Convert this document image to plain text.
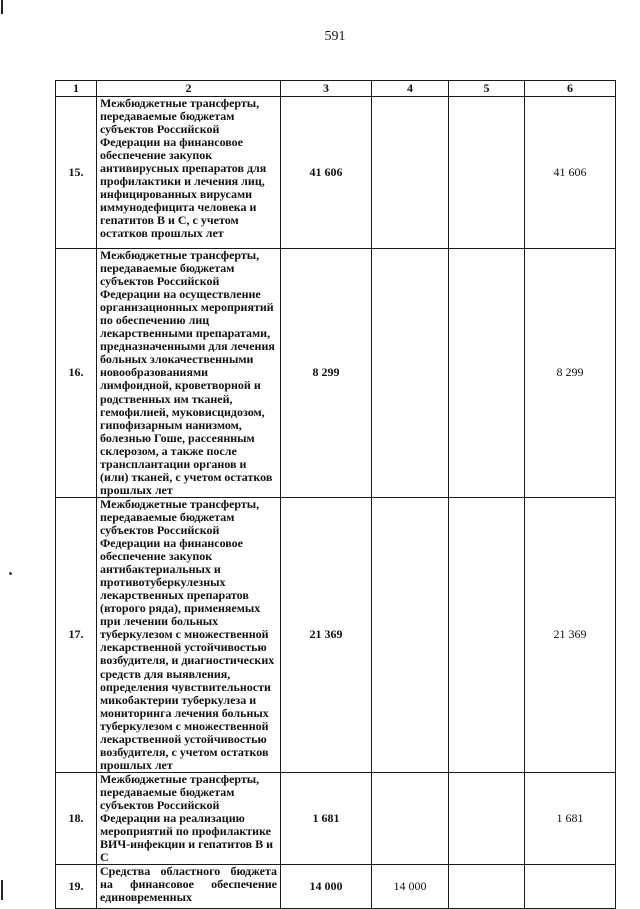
591
1	2	3	4	5	6
15.	Межбюджетные трансферты, передаваемые бюджетам субъектов Российской Федерации на финансовое обеспечение закупок антивирусных препаратов для профилактики и лечения лиц, инфицированных вирусами иммунодефицита человека и гепатитов В и С, с учетом остатков прошлых лет	41 606			41 606
16.	Межбюджетные трансферты, передаваемые бюджетам субъектов Российской Федерации на осуществление организационных мероприятий по обеспечению лиц лекарственными препаратами, предназначенными для лечения больных злокачественными новообразованиями лимфоидной, кроветворной и родственных им тканей, гемофилией, муковисцидозом, гипофизарным нанизмом, болезнью Гоше, рассеянным склерозом, а также после трансплантации органов и (или) тканей, с учетом остатков прошлых лет	8 299			8 299
17.	Межбюджетные трансферты, передаваемые бюджетам субъектов Российской Федерации на финансовое обеспечение закупок антибактериальных и противотуберкулезных лекарственных препаратов (второго ряда), применяемых при лечении больных туберкулезом с множественной лекарственной устойчивостью возбудителя, и диагностических средств для выявления, определения чувствительности микобактерии туберкулеза и мониторинга лечения больных туберкулезом с множественной лекарственной устойчивостью возбудителя, с учетом остатков прошлых лет	21 369			21 369
18.	Межбюджетные трансферты, передаваемые бюджетам субъектов Российской Федерации на реализацию мероприятий по профилактике ВИЧ-инфекции и гепатитов В и С	1 681			1 681
19.	Средства областного бюджета на финансовое обеспечение единовременных	14 000	14 000		
